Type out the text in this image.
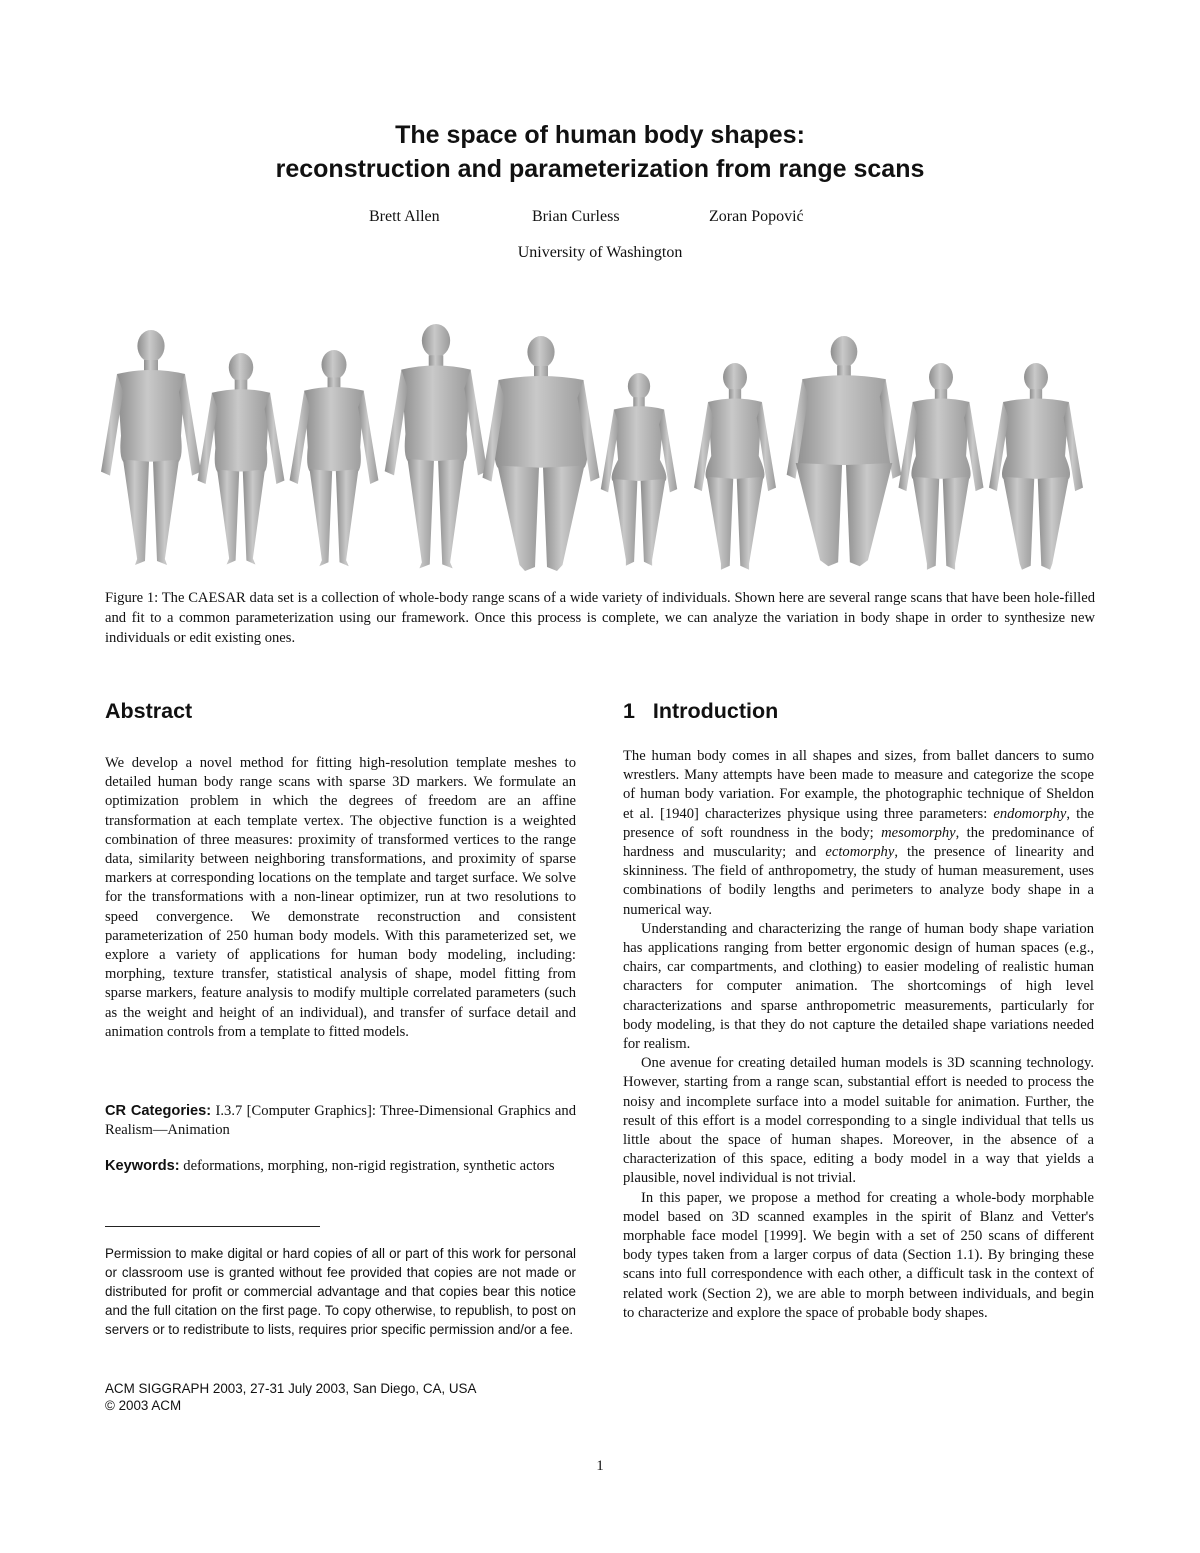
The space of human body shapes:
reconstruction and parameterization from range scans
Brett Allen	Brian Curless	Zoran Popović
University of Washington
Figure 1: The CAESAR data set is a collection of whole-body range scans of a wide variety of individuals. Shown here are several range scans that have been hole-filled and fit to a common parameterization using our framework. Once this process is complete, we can analyze the variation in body shape in order to synthesize new individuals or edit existing ones.
Abstract	1 Introduction
We develop a novel method for fitting high-resolution template meshes to detailed human body range scans with sparse 3D markers. We formulate an optimization problem in which the degrees of freedom are an affine transformation at each template vertex. The objective function is a weighted combination of three measures: proximity of transformed vertices to the range data, similarity between neighboring transformations, and proximity of sparse markers at corresponding locations on the template and target surface. We solve for the transformations with a non-linear optimizer, run at two resolutions to speed convergence. We demonstrate reconstruction and consistent parameterization of 250 human body models. With this parameterized set, we explore a variety of applications for human body modeling, including: morphing, texture transfer, statistical analysis of shape, model fitting from sparse markers, feature analysis to modify multiple correlated parameters (such as the weight and height of an individual), and transfer of surface detail and animation controls from a template to fitted models.
CR Categories: I.3.7 [Computer Graphics]: Three-Dimensional Graphics and Realism—Animation
Keywords: deformations, morphing, non-rigid registration, synthetic actors
Permission to make digital or hard copies of all or part of this work for personal or classroom use is granted without fee provided that copies are not made or distributed for profit or commercial advantage and that copies bear this notice and the full citation on the first page. To copy otherwise, to republish, to post on servers or to redistribute to lists, requires prior specific permission and/or a fee.
ACM SIGGRAPH 2003, 27-31 July 2003, San Diego, CA, USA
© 2003 ACM

The human body comes in all shapes and sizes, from ballet dancers to sumo wrestlers. Many attempts have been made to measure and categorize the scope of human body variation. For example, the photographic technique of Sheldon et al. [1940] characterizes physique using three parameters: endomorphy, the presence of soft roundness in the body; mesomorphy, the predominance of hardness and muscularity; and ectomorphy, the presence of linearity and skinniness. The field of anthropometry, the study of human measurement, uses combinations of bodily lengths and perimeters to analyze body shape in a numerical way.

Understanding and characterizing the range of human body shape variation has applications ranging from better ergonomic design of human spaces (e.g., chairs, car compartments, and clothing) to easier modeling of realistic human characters for computer animation. The shortcomings of high level characterizations and sparse anthropometric measurements, particularly for body modeling, is that they do not capture the detailed shape variations needed for realism.

One avenue for creating detailed human models is 3D scanning technology. However, starting from a range scan, substantial effort is needed to process the noisy and incomplete surface into a model suitable for animation. Further, the result of this effort is a model corresponding to a single individual that tells us little about the space of human shapes. Moreover, in the absence of a characterization of this space, editing a body model in a way that yields a plausible, novel individual is not trivial.

In this paper, we propose a method for creating a whole-body morphable model based on 3D scanned examples in the spirit of Blanz and Vetter's morphable face model [1999]. We begin with a set of 250 scans of different body types taken from a larger corpus of data (Section 1.1). By bringing these scans into full correspondence with each other, a difficult task in the context of related work (Section 2), we are able to morph between individuals, and begin to characterize and explore the space of probable body shapes.

1
